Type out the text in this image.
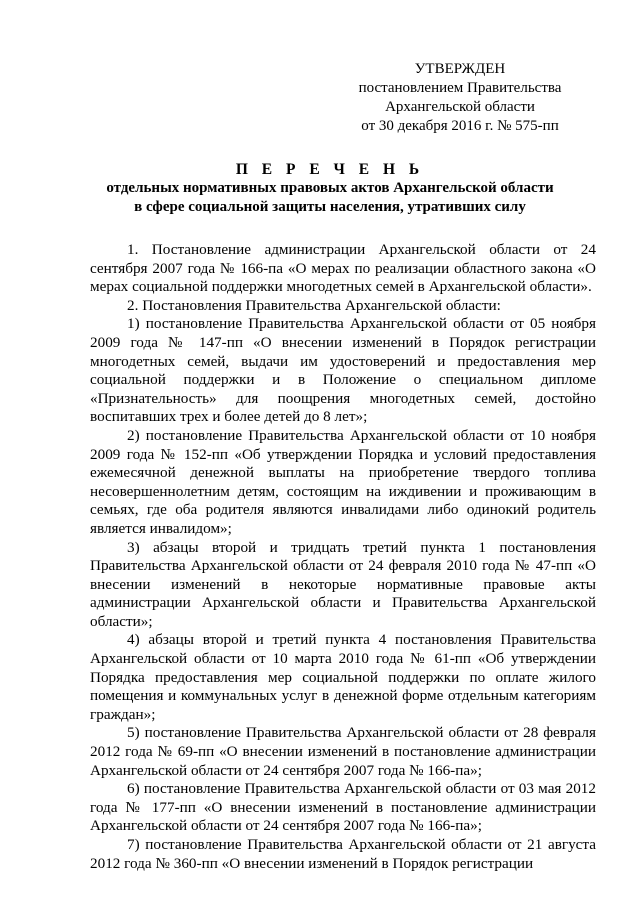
УТВЕРЖДЕН
постановлением Правительства
Архангельской области
от 30 декабря 2016 г. № 575-пп
П Е Р Е Ч Е Н Ь
отдельных нормативных правовых актов Архангельской области
в сфере социальной защиты населения, утративших силу

1. Постановление администрации Архангельской области от 24 сентября 2007 года № 166-па «О мерах по реализации областного закона «О мерах социальной поддержки многодетных семей в Архангельской области».

2. Постановления Правительства Архангельской области:

1) постановление Правительства Архангельской области от 05 ноября 2009 года № 147-пп «О внесении изменений в Порядок регистрации многодетных семей, выдачи им удостоверений и предоставления мер социальной поддержки и в Положение о специальном дипломе «Признательность» для поощрения многодетных семей, достойно воспитавших трех и более детей до 8 лет»;

2) постановление Правительства Архангельской области от 10 ноября 2009 года № 152-пп «Об утверждении Порядка и условий предоставления ежемесячной денежной выплаты на приобретение твердого топлива несовершеннолетним детям, состоящим на иждивении и проживающим в семьях, где оба родителя являются инвалидами либо одинокий родитель является инвалидом»;

3) абзацы второй и тридцать третий пункта 1 постановления Правительства Архангельской области от 24 февраля 2010 года № 47-пп «О внесении изменений в некоторые нормативные правовые акты администрации Архангельской области и Правительства Архангельской области»;

4) абзацы второй и третий пункта 4 постановления Правительства Архангельской области от 10 марта 2010 года № 61-пп «Об утверждении Порядка предоставления мер социальной поддержки по оплате жилого помещения и коммунальных услуг в денежной форме отдельным категориям граждан»;

5) постановление Правительства Архангельской области от 28 февраля 2012 года № 69-пп «О внесении изменений в постановление администрации Архангельской области от 24 сентября 2007 года № 166-па»;

6) постановление Правительства Архангельской области от 03 мая 2012 года № 177-пп «О внесении изменений в постановление администрации Архангельской области от 24 сентября 2007 года № 166-па»;

7) постановление Правительства Архангельской области от 21 августа 2012 года № 360-пп «О внесении изменений в Порядок регистрации
